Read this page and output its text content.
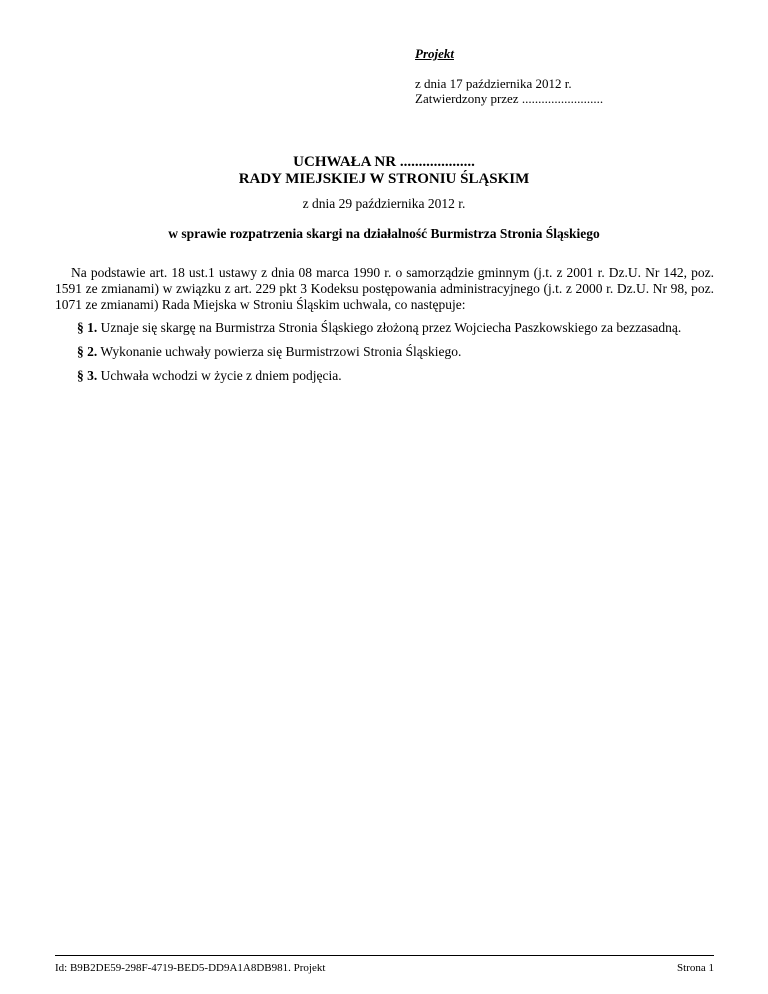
Projekt
z dnia 17 października 2012 r.
Zatwierdzony przez .........................
UCHWAŁA NR ....................
RADY MIEJSKIEJ W STRONIU ŚLĄSKIM
z dnia 29 października 2012 r.
w sprawie rozpatrzenia skargi na działalność Burmistrza Stronia Śląskiego

Na podstawie art. 18 ust.1 ustawy z dnia 08 marca 1990 r. o samorządzie gminnym (j.t. z 2001 r. Dz.U. Nr 142, poz. 1591 ze zmianami) w związku z art. 229 pkt 3 Kodeksu postępowania administracyjnego (j.t. z 2000 r. Dz.U. Nr 98, poz. 1071 ze zmianami) Rada Miejska w Stroniu Śląskim uchwala, co następuje:

§ 1. Uznaje się skargę na Burmistrza Stronia Śląskiego złożoną przez Wojciecha Paszkowskiego za bezzasadną.

§ 2. Wykonanie uchwały powierza się Burmistrzowi Stronia Śląskiego.

§ 3. Uchwała wchodzi w życie z dniem podjęcia.

Id: B9B2DE59-298F-4719-BED5-DD9A1A8DB981. Projekt	Strona 1
